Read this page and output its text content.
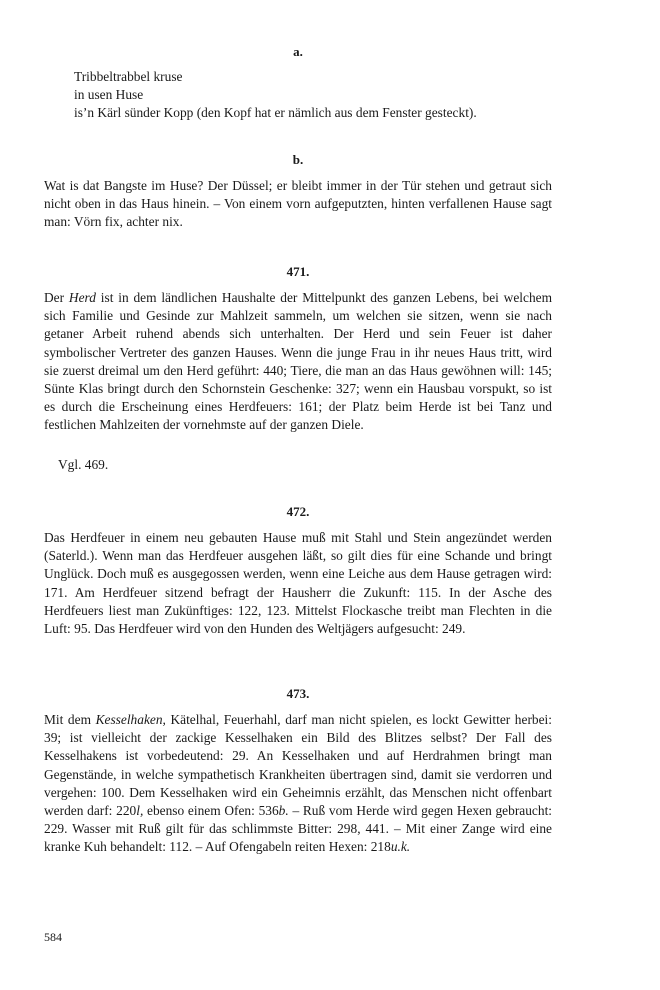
a.
Tribbeltrabbel kruse
in usen Huse
is’n Kärl sünder Kopp (den Kopf hat er nämlich aus dem Fenster gesteckt).
b.

Wat is dat Bangste im Huse? Der Düssel; er bleibt immer in der Tür stehen und getraut sich nicht oben in das Haus hinein. – Von einem vorn aufgeputzten, hinten verfallenen Hause sagt man: Vörn fix, achter nix.

471.

Der Herd ist in dem ländlichen Haushalte der Mittelpunkt des ganzen Lebens, bei welchem sich Familie und Gesinde zur Mahlzeit sammeln, um welchen sie sitzen, wenn sie nach getaner Arbeit ruhend abends sich unterhalten. Der Herd und sein Feuer ist daher symbolischer Vertreter des ganzen Hauses. Wenn die junge Frau in ihr neues Haus tritt, wird sie zuerst dreimal um den Herd geführt: 440; Tiere, die man an das Haus gewöhnen will: 145; Sünte Klas bringt durch den Schornstein Geschenke: 327; wenn ein Hausbau vorspukt, so ist es durch die Erscheinung eines Herdfeuers: 161; der Platz beim Herde ist bei Tanz und festlichen Mahlzeiten der vornehmste auf der ganzen Diele.

Vgl. 469.

472.

Das Herdfeuer in einem neu gebauten Hause muß mit Stahl und Stein angezündet werden (Saterld.). Wenn man das Herdfeuer ausgehen läßt, so gilt dies für eine Schande und bringt Unglück. Doch muß es ausgegossen werden, wenn eine Leiche aus dem Hause getragen wird: 171. Am Herdfeuer sitzend befragt der Hausherr die Zukunft: 115. In der Asche des Herdfeuers liest man Zukünftiges: 122, 123. Mittelst Flockasche treibt man Flechten in die Luft: 95. Das Herdfeuer wird von den Hunden des Weltjägers aufgesucht: 249.

473.

Mit dem Kesselhaken, Kätelhal, Feuerhahl, darf man nicht spielen, es lockt Gewitter herbei: 39; ist vielleicht der zackige Kesselhaken ein Bild des Blitzes selbst? Der Fall des Kesselhakens ist vorbedeutend: 29. An Kesselhaken und auf Herdrahmen bringt man Gegenstände, in welche sympathetisch Krankheiten übertragen sind, damit sie verdorren und vergehen: 100. Dem Kesselhaken wird ein Geheimnis erzählt, das Menschen nicht offenbart werden darf: 220l, ebenso einem Ofen: 536b. – Ruß vom Herde wird gegen Hexen gebraucht: 229. Wasser mit Ruß gilt für das schlimmste Bitter: 298, 441. – Mit einer Zange wird eine kranke Kuh behandelt: 112. – Auf Ofengabeln reiten Hexen: 218u.k.

584
